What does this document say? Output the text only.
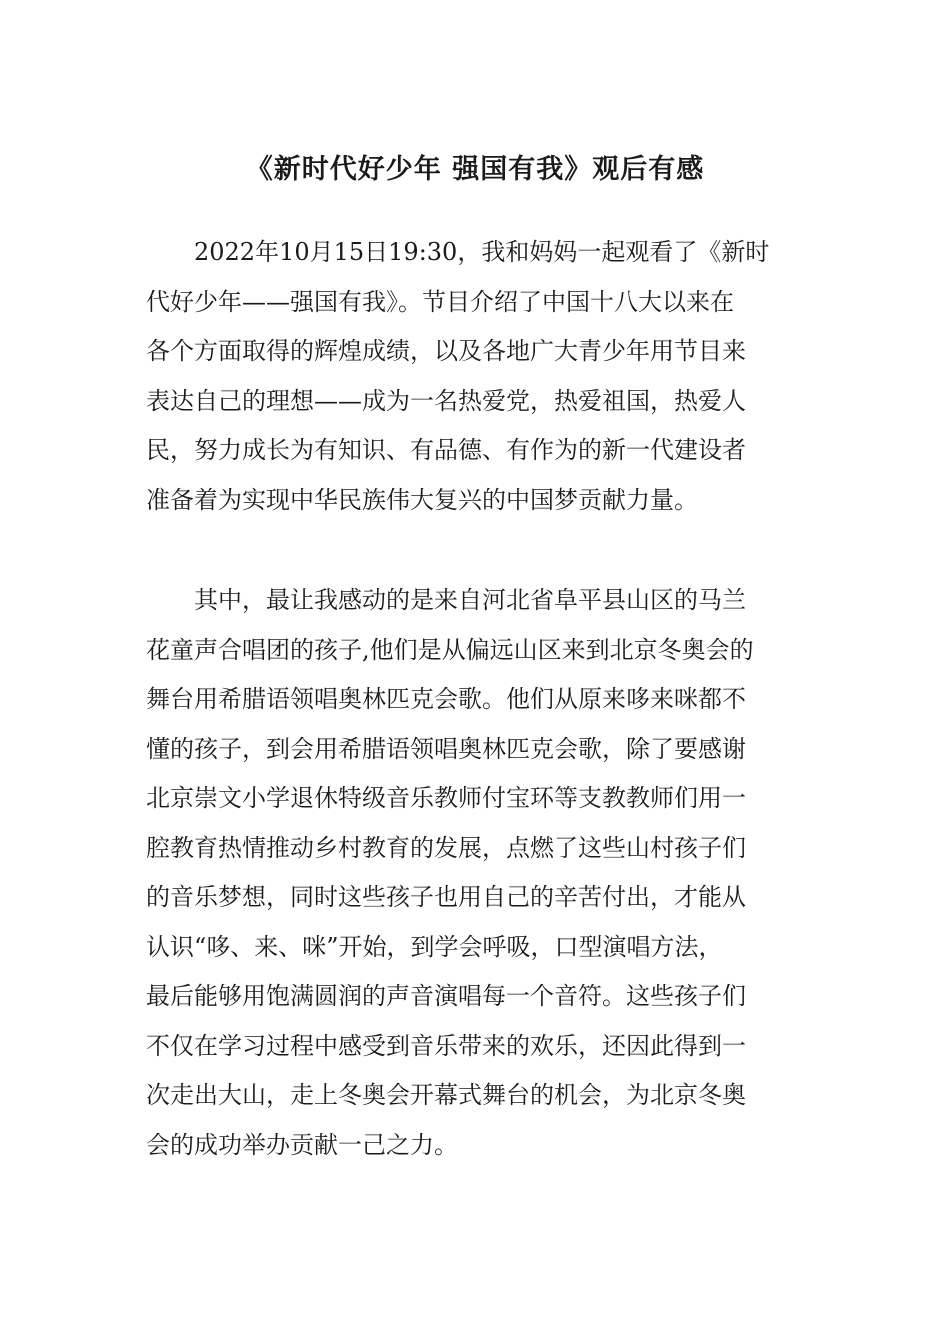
《新时代好少年 强国有我》观后有感
2022年10月15日19:30，我和妈妈一起观看了《新时
代好少年——强国有我》。节目介绍了中国十八大以来在
各个方面取得的辉煌成绩，以及各地广大青少年用节目来
表达自己的理想——成为一名热爱党，热爱祖国，热爱人
民，努力成长为有知识、有品德、有作为的新一代建设者
准备着为实现中华民族伟大复兴的中国梦贡献力量。
其中，最让我感动的是来自河北省阜平县山区的马兰
花童声合唱团的孩子,他们是从偏远山区来到北京冬奥会的
舞台用希腊语领唱奥林匹克会歌。他们从原来哆来咪都不
懂的孩子，到会用希腊语领唱奥林匹克会歌，除了要感谢
北京崇文小学退休特级音乐教师付宝环等支教教师们用一
腔教育热情推动乡村教育的发展，点燃了这些山村孩子们
的音乐梦想，同时这些孩子也用自己的辛苦付出，才能从
认识“哆、来、咪”开始，到学会呼吸，口型演唱方法，
最后能够用饱满圆润的声音演唱每一个音符。这些孩子们
不仅在学习过程中感受到音乐带来的欢乐，还因此得到一
次走出大山，走上冬奥会开幕式舞台的机会，为北京冬奥
会的成功举办贡献一己之力。
